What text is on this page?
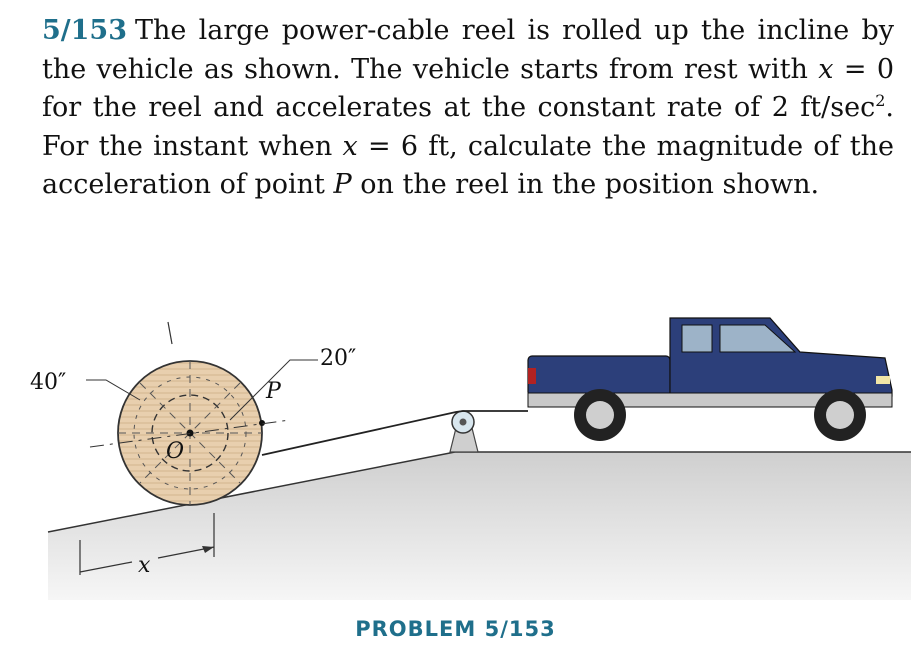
5/153 The large power-cable reel is rolled up the incline by the vehicle as shown. The vehicle starts from rest with x = 0 for the reel and accelerates at the constant rate of 2 $ft/\sec^2$. For the instant when x = 6 ft, calculate the magnitude of the acceleration of point P on the reel in the position shown.

40″
20″
P
O
x
PROBLEM 5/153
